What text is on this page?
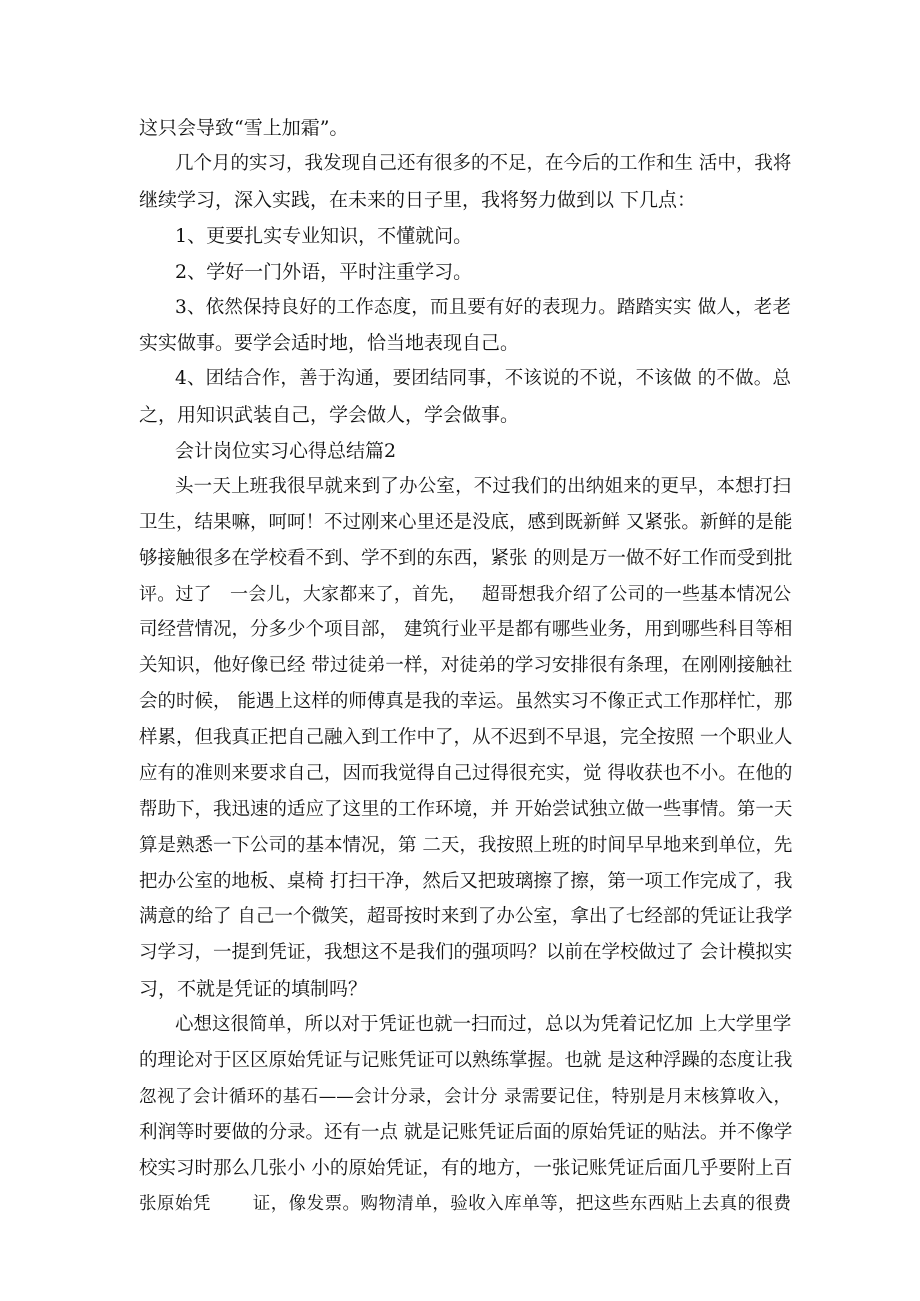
这只会导致“雪上加霜”。

几个月的实习，我发现自己还有很多的不足，在今后的工作和生 活中，我将

继续学习，深入实践，在未来的日子里，我将努力做到以 下几点：

1、更要扎实专业知识，不懂就问。

2、学好一门外语，平时注重学习。

3、依然保持良好的工作态度，而且要有好的表现力。踏踏实实 做人，老老

实实做事。要学会适时地，恰当地表现自己。

4、团结合作，善于沟通，要团结同事，不该说的不说，不该做 的不做。总

之，用知识武装自己，学会做人，学会做事。

会计岗位实习心得总结篇2

头一天上班我很早就来到了办公室，不过我们的出纳姐来的更早，本想打扫

卫生，结果嘛，呵呵！不过刚来心里还是没底，感到既新鲜 又紧张。新鲜的是能

够接触很多在学校看不到、学不到的东西，紧张 的则是万一做不好工作而受到批

评。过了　一会儿，大家都来了，首先，　 超哥想我介绍了公司的一些基本情况公

司经营情况，分多少个项目部， 建筑行业平是都有哪些业务，用到哪些科目等相

关知识，他好像已经 带过徒弟一样，对徒弟的学习安排很有条理，在刚刚接触社

会的时候， 能遇上这样的师傅真是我的幸运。虽然实习不像正式工作那样忙，那

样累，但我真正把自己融入到工作中了，从不迟到不早退，完全按照 一个职业人

应有的准则来要求自己，因而我觉得自己过得很充实，觉 得收获也不小。在他的

帮助下，我迅速的适应了这里的工作环境，并 开始尝试独立做一些事情。第一天

算是熟悉一下公司的基本情况，第 二天，我按照上班的时间早早地来到单位，先

把办公室的地板、桌椅 打扫干净，然后又把玻璃擦了擦，第一项工作完成了，我

满意的给了 自己一个微笑，超哥按时来到了办公室，拿出了七经部的凭证让我学

习学习，一提到凭证，我想这不是我们的强项吗？以前在学校做过了 会计模拟实

习，不就是凭证的填制吗？

心想这很简单，所以对于凭证也就一扫而过，总以为凭着记忆加 上大学里学

的理论对于区区原始凭证与记账凭证可以熟练掌握。也就 是这种浮躁的态度让我

忽视了会计循环的基石——会计分录，会计分 录需要记住，特别是月末核算收入，

利润等时要做的分录。还有一点 就是记账凭证后面的原始凭证的贴法。并不像学

校实习时那么几张小 小的原始凭证，有的地方，一张记账凭证后面几乎要附上百

张原始凭　　 证，像发票。购物清单，验收入库单等，把这些东西贴上去真的很费
